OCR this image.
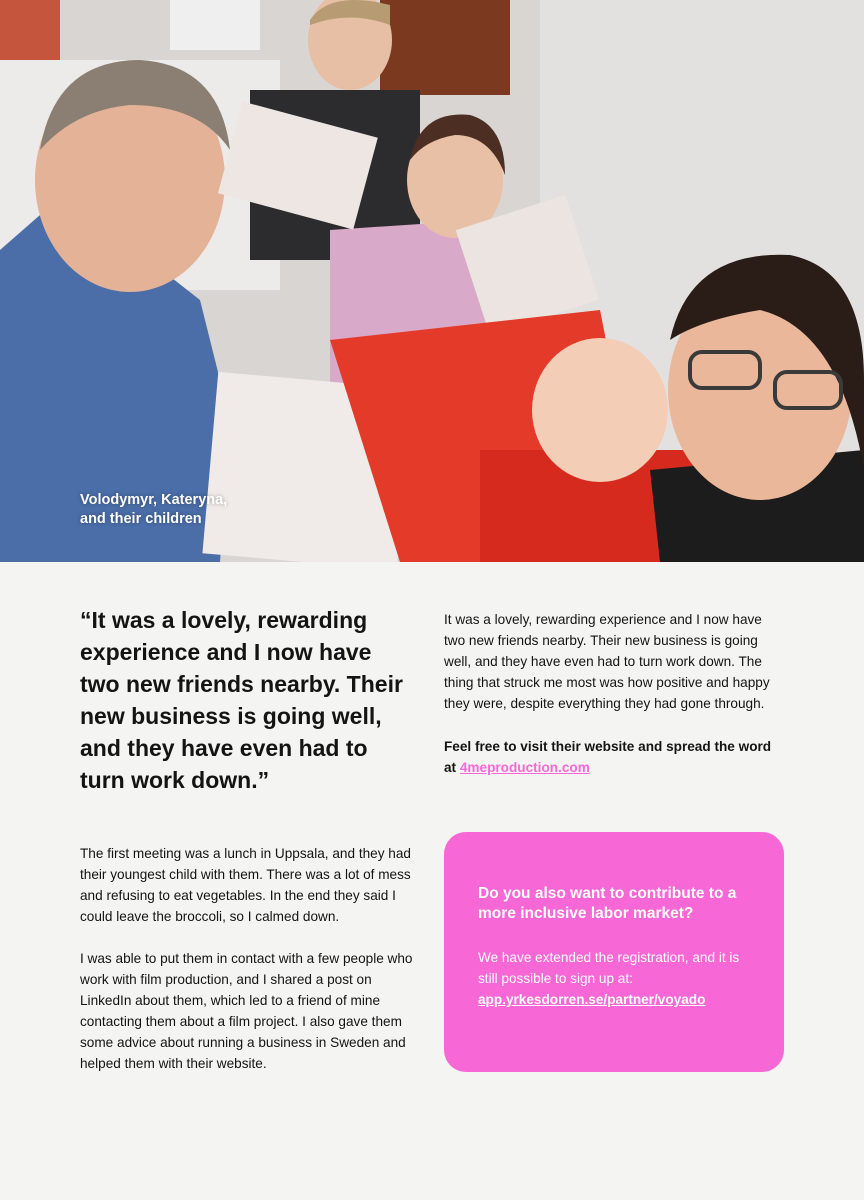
Volodymyr, Kateryna,
and their children

“It was a lovely, rewarding experience and I now have two new friends nearby. Their new business is going well, and they have even had to turn work down.”

It was a lovely, rewarding experience and I now have two new friends nearby. Their new business is going well, and they have even had to turn work down. The thing that struck me most was how positive and happy they were, despite everything they had gone through.

Feel free to visit their website and spread the word at 4meproduction.com

The first meeting was a lunch in Uppsala, and they had their youngest child with them. There was a lot of mess and refusing to eat vegetables. In the end they said I could leave the broccoli, so I calmed down.

I was able to put them in contact with a few people who work with film production, and I shared a post on LinkedIn about them, which led to a friend of mine contacting them about a film project. I also gave them some advice about running a business in Sweden and helped them with their website.

Do you also want to contribute to a more inclusive labor market?

We have extended the registration, and it is still possible to sign up at:
app.yrkesdorren.se/partner/voyado
